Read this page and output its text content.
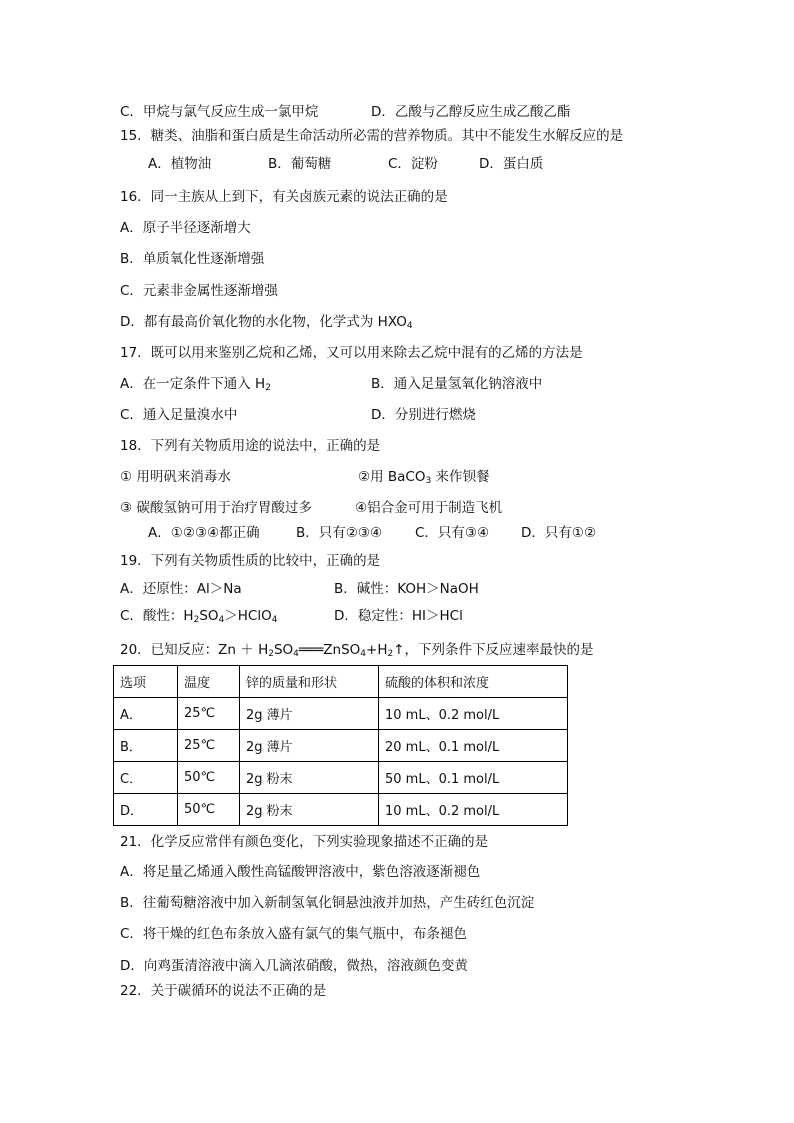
C．甲烷与氯气反应生成一氯甲烷	D．乙酸与乙醇反应生成乙酸乙酯
15．糖类、油脂和蛋白质是生命活动所必需的营养物质。其中不能发生水解反应的是
A．植物油	B．葡萄糖	C．淀粉	D．蛋白质
16．同一主族从上到下，有关卤族元素的说法正确的是
A．原子半径逐渐增大
B．单质氧化性逐渐增强
C．元素非金属性逐渐增强
D．都有最高价氧化物的水化物，化学式为 $HXO_4$
17．既可以用来鉴别乙烷和乙烯，又可以用来除去乙烷中混有的乙烯的方法是
A．在一定条件下通入 $H_2$	B．通入足量氢氧化钠溶液中
C．通入足量溴水中	D．分别进行燃烧
18．下列有关物质用途的说法中，正确的是
① 用明矾来消毒水	②用 BaCO$_3$ 来作钡餐
③ 碳酸氢钠可用于治疗胃酸过多	④铝合金可用于制造飞机
A．①②③④都正确	B．只有②③④ C．只有③④ D．只有①②
19．下列有关物质性质的比较中，正确的是
A．还原性：Al＞Na	B．碱性：KOH＞NaOH
C．酸性：$H_2SO_4>HClO_4$	D．稳定性：HI＞HCl
20．已知反应：$Zn + H_2SO_4═══ZnSO_4+H_2↑$，下列条件下反应速率最快的是
选项	温度	锌的质量和形状	硫酸的体积和浓度
A．	25℃	2g 薄片	10 mL、0.2 mol/L
B．	25℃	2g 薄片	20 mL、0.1 mol/L
C．	50℃	2g 粉末	50 mL、0.1 mol/L
D．	50℃	2g 粉末	10 mL、0.2 mol/L
21．化学反应常伴有颜色变化，下列实验现象描述不正确的是
A．将足量乙烯通入酸性高锰酸钾溶液中，紫色溶液逐渐褪色
B．往葡萄糖溶液中加入新制氢氧化铜悬浊液并加热，产生砖红色沉淀
C．将干燥的红色布条放入盛有氯气的集气瓶中，布条褪色
D．向鸡蛋清溶液中滴入几滴浓硝酸，微热，溶液颜色变黄
22．关于碳循环的说法不正确的是
